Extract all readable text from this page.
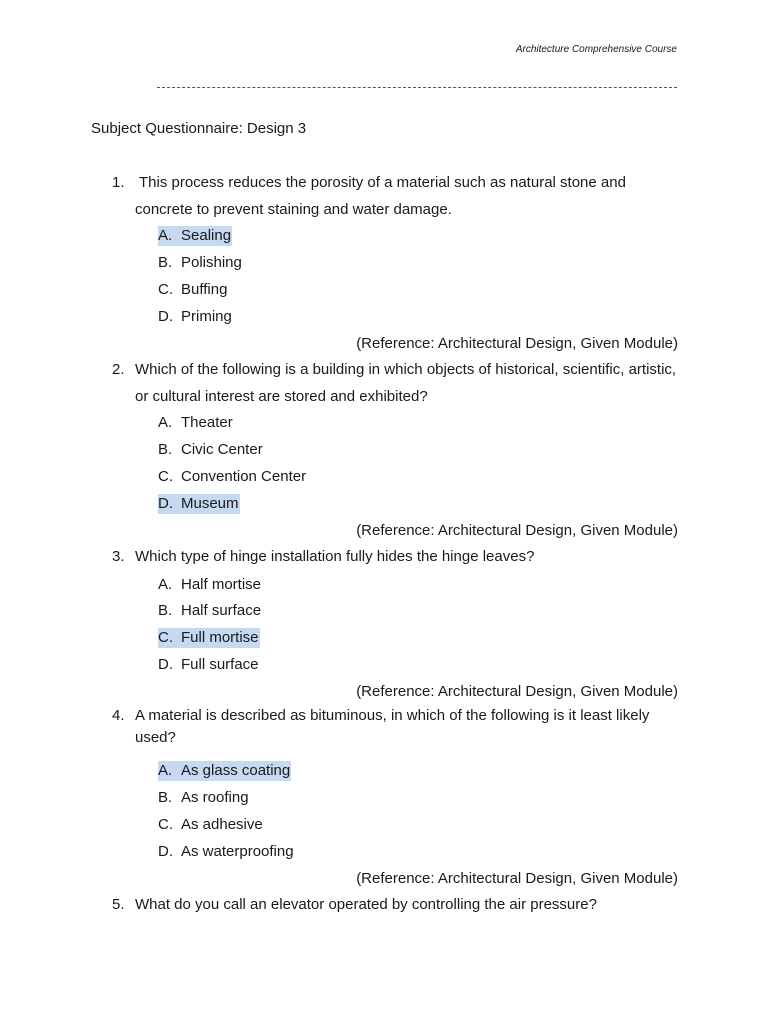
Architecture Comprehensive Course
Subject Questionnaire: Design 3
1. This process reduces the porosity of a material such as natural stone and concrete to prevent staining and water damage.
A. Sealing
B. Polishing
C. Buffing
D. Priming
(Reference: Architectural Design, Given Module)
2. Which of the following is a building in which objects of historical, scientific, artistic, or cultural interest are stored and exhibited?
A. Theater
B. Civic Center
C. Convention Center
D. Museum
(Reference: Architectural Design, Given Module)
3. Which type of hinge installation fully hides the hinge leaves?
A. Half mortise
B. Half surface
C. Full mortise
D. Full surface
(Reference: Architectural Design, Given Module)
4. A material is described as bituminous, in which of the following is it least likely used?
A. As glass coating
B. As roofing
C. As adhesive
D. As waterproofing
(Reference: Architectural Design, Given Module)
5. What do you call an elevator operated by controlling the air pressure?
